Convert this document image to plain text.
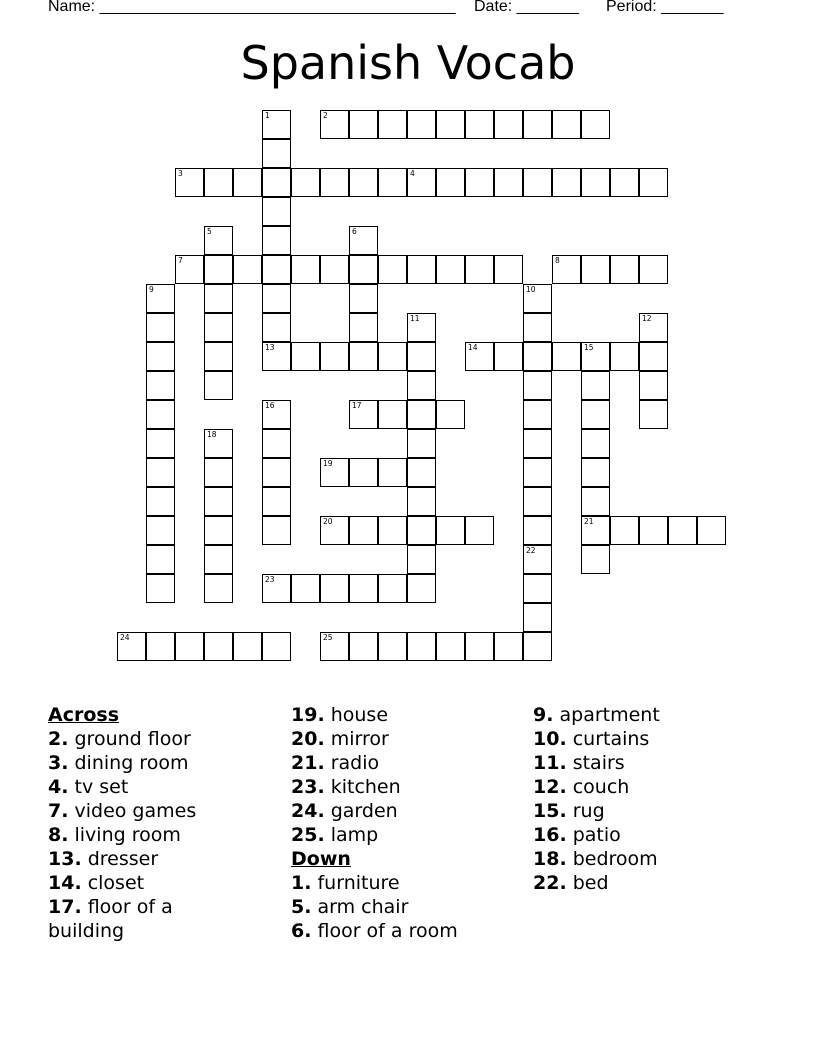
Name: ________________________________________ Date: _______ Period: _______
Spanish Vocab
2
3	4
7	8
13	14	15
17
19
20	21
23
24	25
1
5	6
9	10
11	12
16
18
22
Across
2. ground floor
3. dining room
4. tv set
7. video games
8. living room
13. dresser
14. closet
17. floor of a
building
19. house
20. mirror
21. radio
23. kitchen
24. garden
25. lamp
Down
1. furniture
5. arm chair
6. floor of a room
9. apartment
10. curtains
11. stairs
12. couch
15. rug
16. patio
18. bedroom
22. bed
